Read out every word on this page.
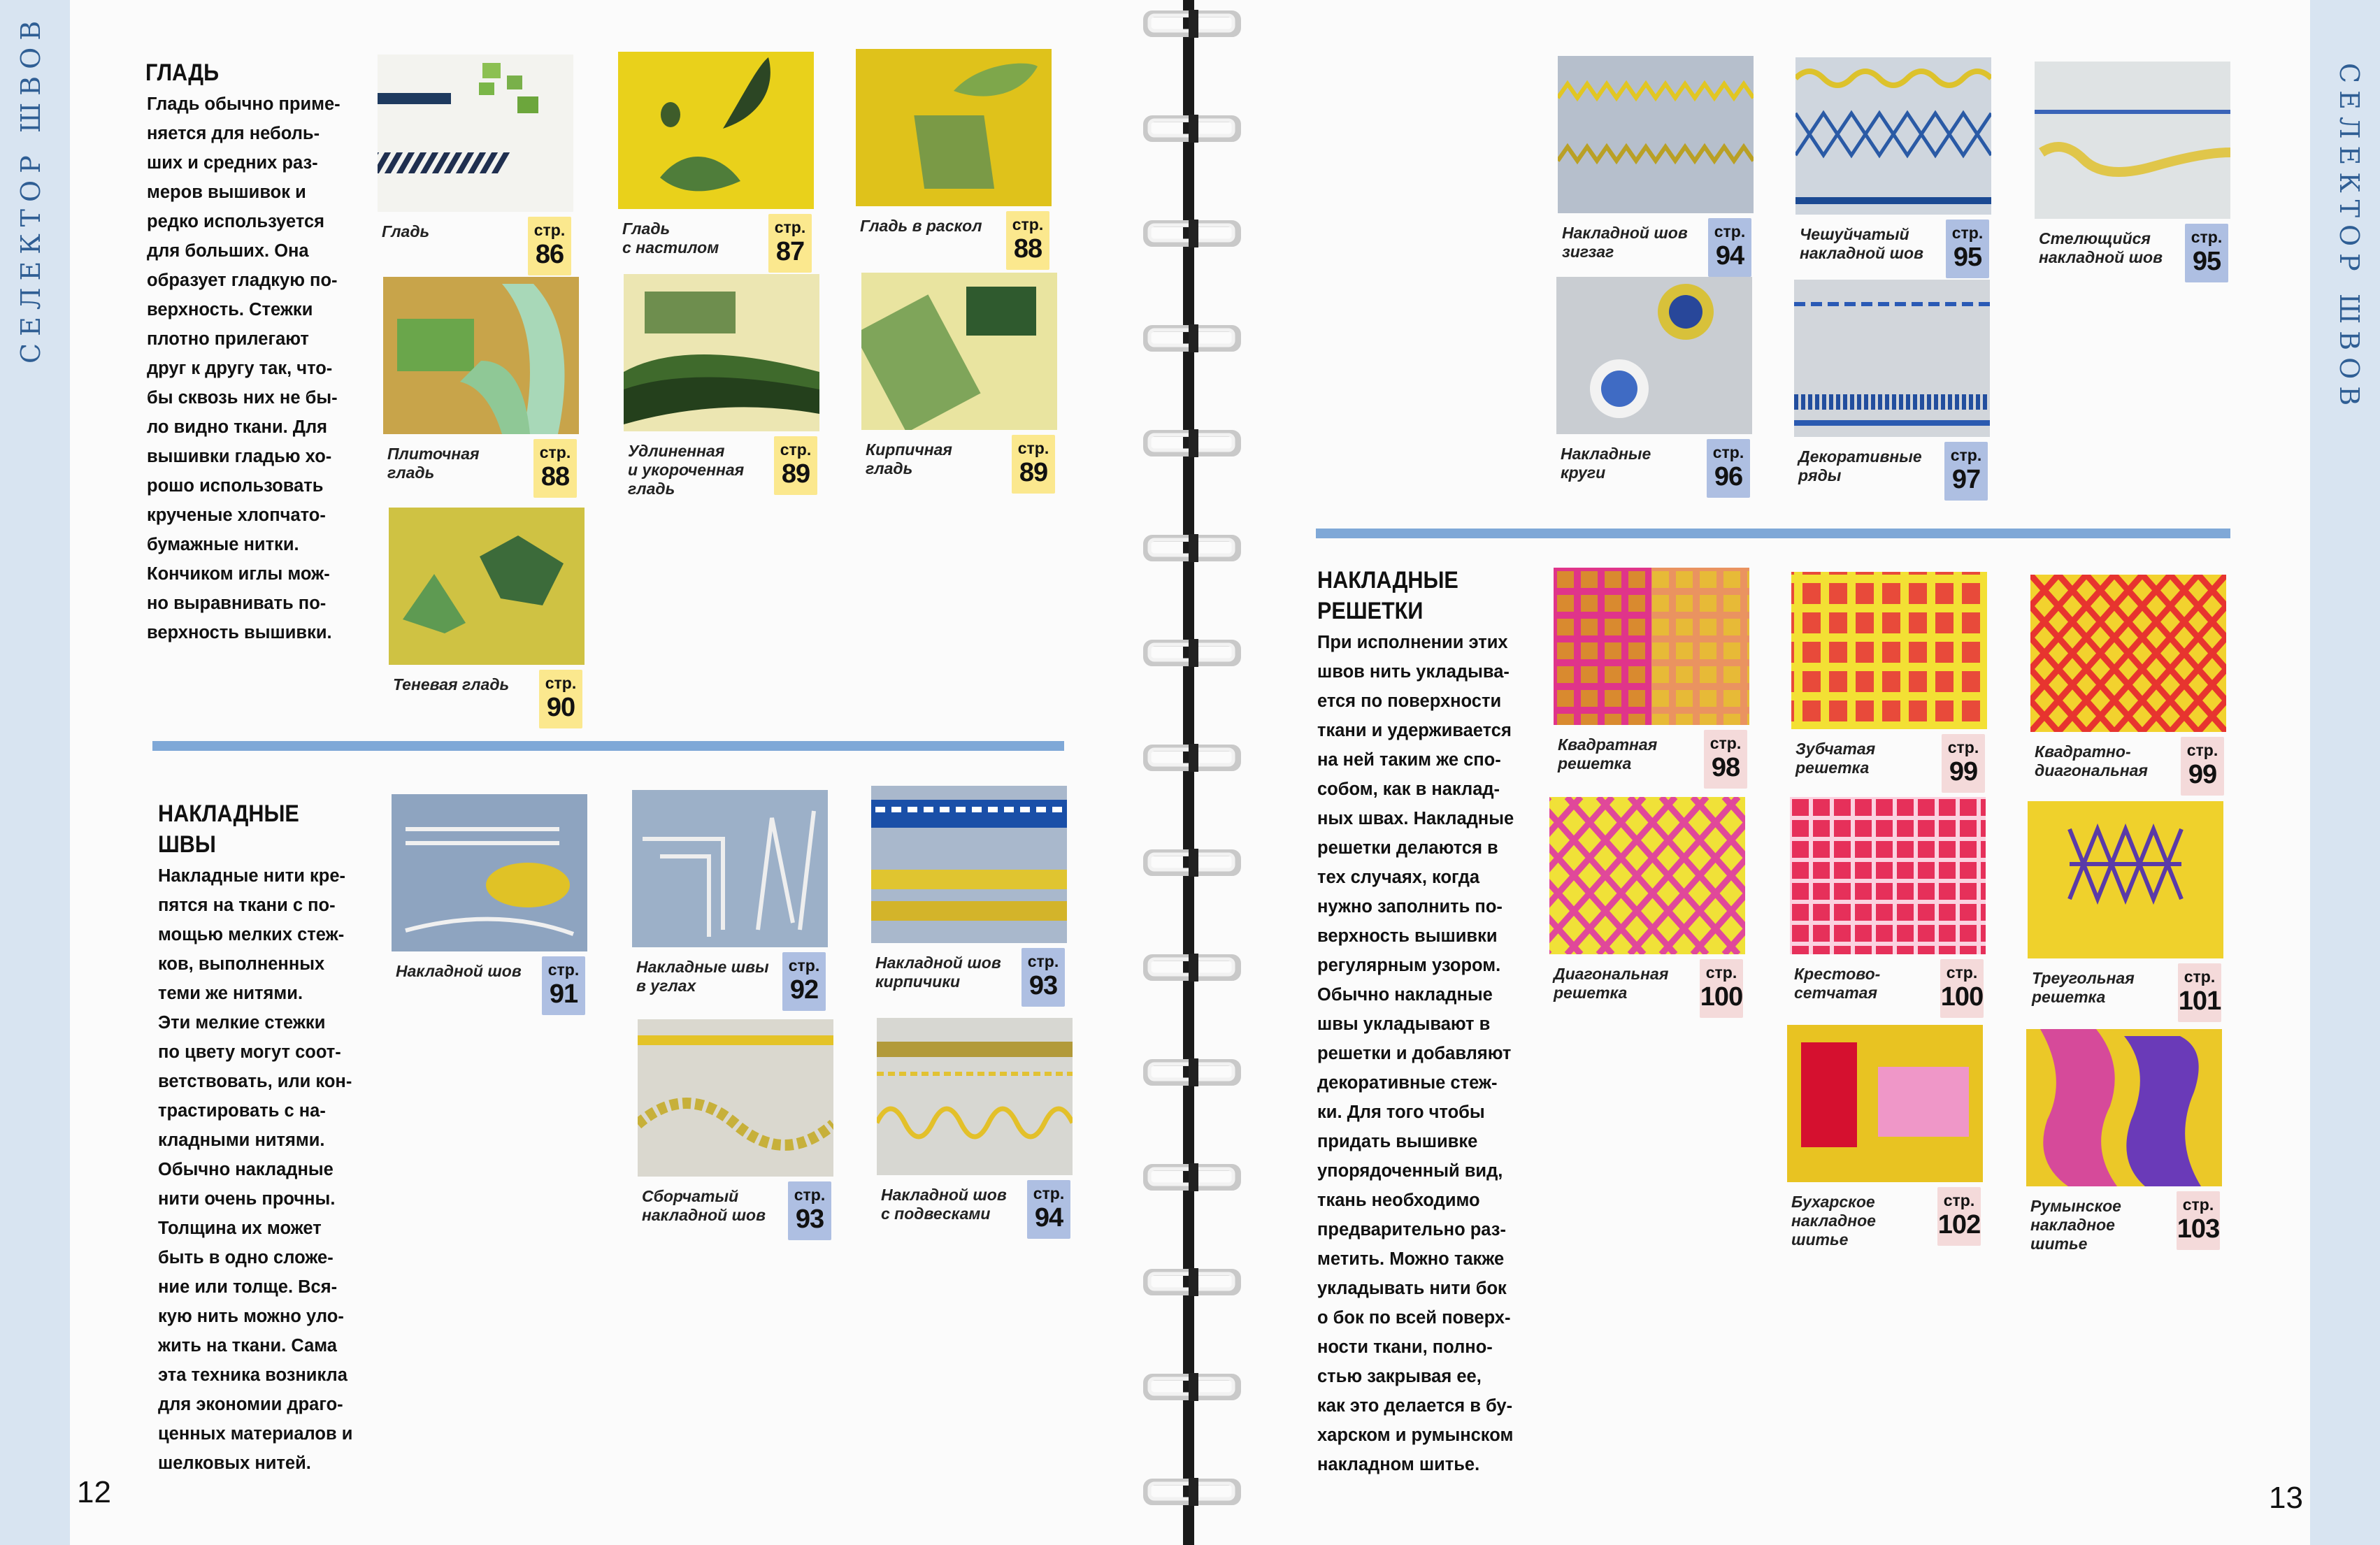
СЕЛЕКТОР ШВОВ	ГЛАДЬ
Гладь обычно приме-
няется для неболь-
ших и средних раз-
меров вышивок и
редко используется
для больших. Она
образует гладкую по-
верхность. Стежки
плотно прилегают
друг к другу так, что-
бы сквозь них не бы-
ло видно ткани. Для
вышивки гладью хо-
рошо использовать
крученые хлопчато-
бумажные нитки.
Кончиком иглы мож-
но выравнивать по-
верхность вышивки.
НАКЛАДНЫЕ ШВЫ
Накладные нити кре-
пятся на ткани с по-
мощью мелких стеж-
ков, выполненных
теми же нитями.
Эти мелкие стежки
по цвету могут соот-
ветствовать, или кон-
трастировать с на-
кладными нитями.
Обычно накладные
нити очень прочны.
Толщина их может
быть в одно сложе-
ние или толще. Вся-
кую нить можно уло-
жить на ткани. Сама
эта техника возникла
для экономии драго-
ценных материалов и
шелковых нитей.
12
СЕЛЕКТОР ШВОВ
НАКЛАДНЫЕ РЕШЕТКИ
При исполнении этих
швов нить укладыва-
ется по поверхности
ткани и удерживается
на ней таким же спо-
собом, как в наклад-
ных швах. Накладные
решетки делаются в
тех случаях, когда
нужно заполнить по-
верхность вышивки
регулярным узором.
Обычно накладные
швы укладывают в
решетки и добавляют
декоративные стеж-
ки. Для того чтобы
придать вышивке
упорядоченный вид,
ткань необходимо
предварительно раз-
метить. Можно также
укладывать нити бок
о бок по всей поверх-
ности ткани, полно-
стью закрывая ее,
как это делается в бу-
харском и румынском
накладном шитье.
13
Гладь	стр.
86
Гладь
с настилом
стр.
87
Гладь в раскол	стр.
88
Плиточная гладь
стр.
88
Удлиненная
и укороченная
гладь
стр.
89
Кирпичная гладь
стр.
89
Теневая гладь	стр.
90
Накладной шов	стр.
91
Накладные швы
в углах
стр.
92
Накладной шов
кирпичики
стр.
93
Сборчатый
накладной шов
стр.
93
Накладной шов
с подвесками
стр.
94
Накладной шов
зигзаг
стр.
94
Чешуйчатый
накладной шов
стр.
95
Стелющийся
накладной шов
стр.
95
Накладные круги
стр.
96
Декоративные
ряды
стр.
97
Квадратная
решетка
стр.
98
Зубчатая
решетка
стр.
99
Квадратно-
диагональная
стр.
99
Диагональная
решетка
стр.
100
Крестово-
сетчатая
стр.
100
Треугольная
решетка
стр.
101
Бухарское
накладное шитье
стр.
102
Румынское
накладное шитье
стр.
103
